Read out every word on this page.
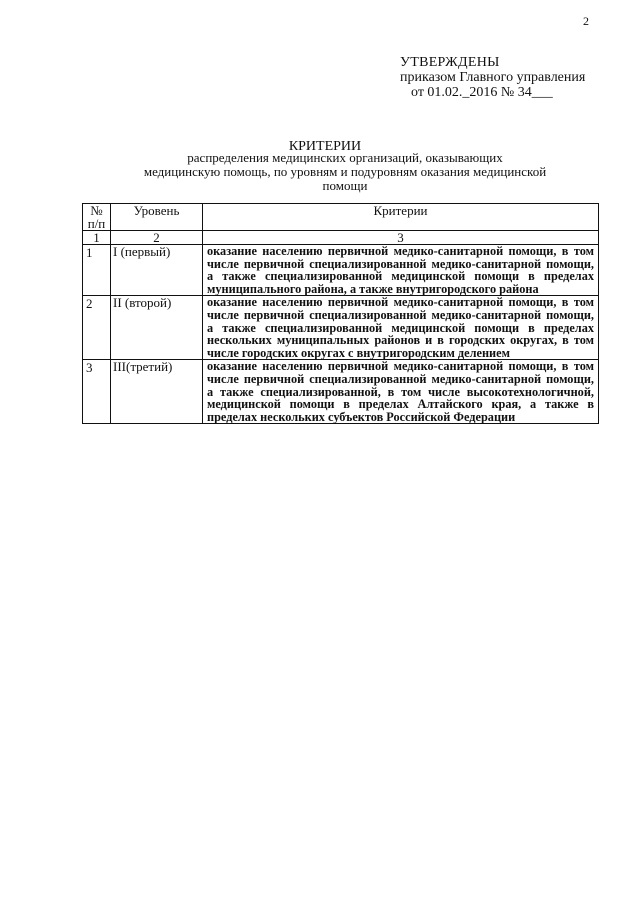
2
УТВЕРЖДЕНЫ
приказом Главного управления
от 01.02._2016 № 34___
КРИТЕРИИ
распределения медицинских организаций, оказывающих
медицинскую помощь, по уровням и подуровням оказания медицинской
помощи
№ п/п	Уровень	Критерии
1	2	3
1	I (первый)	оказание населению первичной медико-санитарной помощи, в том числе первичной специализированной медико-санитарной помощи, а также специализированной медицинской помощи в пределах муниципального района, а также внутригородского района
2	II (второй)	оказание населению первичной медико-санитарной помощи, в том числе первичной специализированной медико-санитарной помощи, а также специализированной медицинской помощи в пределах нескольких муниципальных районов и в городских округах, в том числе городских округах с внутригородским делением
3	III(третий)	оказание населению первичной медико-санитарной помощи, в том числе первичной специализированной медико-санитарной помощи, а также специализированной, в том числе высокотехнологичной, медицинской помощи в пределах Алтайского края, а также в пределах нескольких субъектов Российской Федерации
